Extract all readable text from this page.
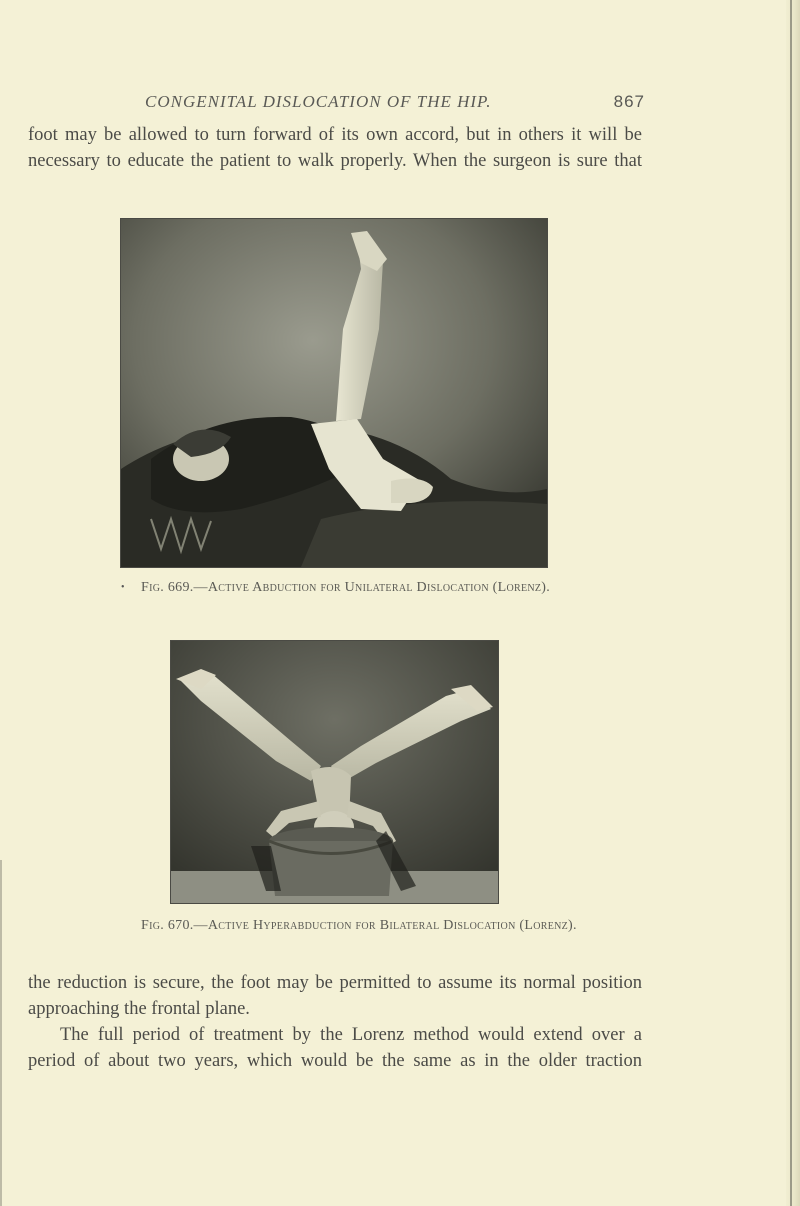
CONGENITAL DISLOCATION OF THE HIP.	867

foot may be allowed to turn forward of its own accord, but in others it will be

necessary to educate the patient to walk properly. When the surgeon is sure that

• Fig. 669.—Active Abduction for Unilateral Dislocation (Lorenz).
Fig. 670.—Active Hyperabduction for Bilateral Dislocation (Lorenz).

the reduction is secure, the foot may be permitted to assume its normal position

approaching the frontal plane.

The full period of treatment by the Lorenz method would extend over a

period of about two years, which would be the same as in the older traction
